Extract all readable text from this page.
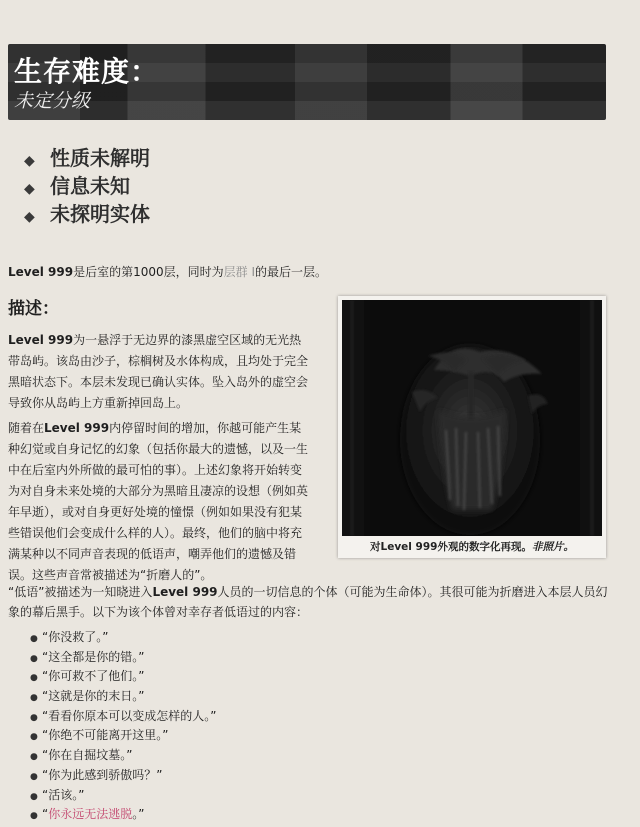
生存难度：
未定分级
◆ 性质未解明
◆ 信息未知
◆ 未探明实体
Level 999是后室的第1000层，同时为层群 I的最后一层。
描述：
Level 999为一悬浮于无边界的漆黑虚空区域的无光热带岛屿。该岛由沙子，棕榈树及水体构成，且均处于完全黑暗状态下。本层未发现已确认实体。坠入岛外的虚空会导致你从岛屿上方重新掉回岛上。
随着在Level 999内停留时间的增加，你越可能产生某种幻觉或自身记忆的幻象（包括你最大的遗憾，以及一生中在后室内外所做的最可怕的事）。上述幻象将开始转变为对自身未来处境的大部分为黑暗且凄凉的设想（例如英年早逝），或对自身更好处境的憧憬（例如如果没有犯某些错误他们会变成什么样的人）。最终，他们的脑中将充满某种以不同声音表现的低语声，嘲弄他们的遗憾及错误。这些声音常被描述为“折磨人的”。
对Level 999外观的数字化再现。非照片。
“低语”被描述为一知晓进入Level 999人员的一切信息的个体（可能为生命体）。其很可能为折磨进入本层人员幻象的幕后黑手。以下为该个体曾对幸存者低语过的内容：
● “你没救了。”
● “这全都是你的错。”
● “你可救不了他们。”
● “这就是你的末日。”
● “看看你原本可以变成怎样的人。”
● “你绝不可能离开这里。”
● “你在自掘坟墓。”
● “你为此感到骄傲吗？”
● “活该。”
● “你永远无法逃脱。”
